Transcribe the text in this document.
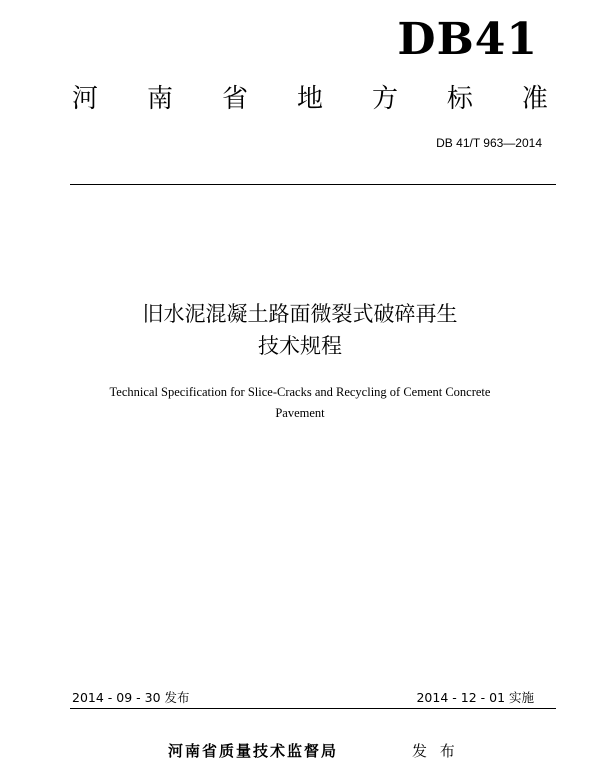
DB41
河 南 省 地 方 标 准
DB 41/T 963—2014
旧水泥混凝土路面微裂式破碎再生
技术规程
Technical Specification for Slice-Cracks and Recycling of Cement Concrete
Pavement
2014 - 09 - 30 发布	2014 - 12 - 01 实施
河南省质量技术监督局	发 布
